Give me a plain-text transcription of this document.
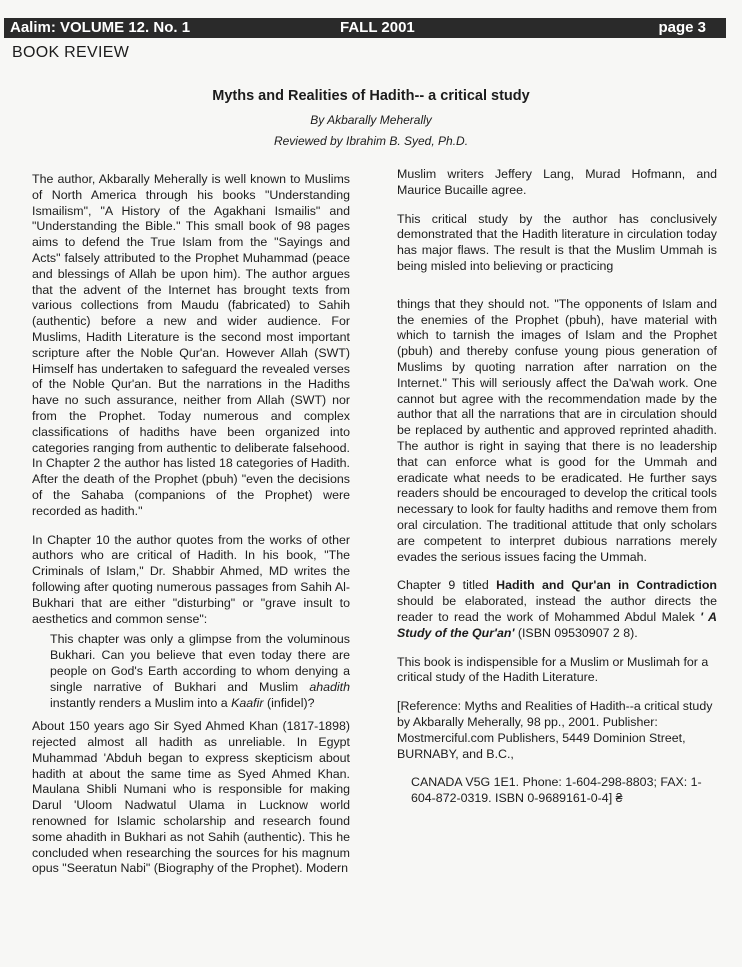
Aalim: VOLUME 12. No. 1	FALL 2001	page 3
BOOK REVIEW
Myths and Realities of Hadith-- a critical study
By Akbarally Meherally
Reviewed by Ibrahim B. Syed, Ph.D.

The author, Akbarally Meherally is well known to Muslims of North America through his books "Understanding Ismailism", "A History of the Agakhani Ismailis" and "Understanding the Bible." This small book of 98 pages aims to defend the True Islam from the "Sayings and Acts" falsely attributed to the Prophet Muhammad (peace and blessings of Allah be upon him). The author argues that the advent of the Internet has brought texts from various collections from Maudu (fabricated) to Sahih (authentic) before a new and wider audience. For Muslims, Hadith Literature is the second most important scripture after the Noble Qur'an. However Allah (SWT) Himself has undertaken to safeguard the revealed verses of the Noble Qur'an. But the narrations in the Hadiths have no such assurance, neither from Allah (SWT) nor from the Prophet. Today numerous and complex classifications of hadiths have been organized into categories ranging from authentic to deliberate falsehood. In Chapter 2 the author has listed 18 categories of Hadith. After the death of the Prophet (pbuh) "even the decisions of the Sahaba (companions of the Prophet) were recorded as hadith."

In Chapter 10 the author quotes from the works of other authors who are critical of Hadith. In his book, "The Criminals of Islam," Dr. Shabbir Ahmed, MD writes the following after quoting numerous passages from Sahih Al-Bukhari that are either "disturbing" or "grave insult to aesthetics and common sense":

This chapter was only a glimpse from the voluminous Bukhari. Can you believe that even today there are people on God's Earth according to whom denying a single narrative of Bukhari and Muslim ahadith instantly renders a Muslim into a Kaafir (infidel)?

About 150 years ago Sir Syed Ahmed Khan (1817-1898) rejected almost all hadith as unreliable. In Egypt Muhammad 'Abduh began to express skepticism about hadith at about the same time as Syed Ahmed Khan. Maulana Shibli Numani who is responsible for making Darul 'Uloom Nadwatul Ulama in Lucknow world renowned for Islamic scholarship and research found some ahadith in Bukhari as not Sahih (authentic). This he concluded when researching the sources for his magnum opus "Seeratun Nabi" (Biography of the Prophet). Modern

Muslim writers Jeffery Lang, Murad Hofmann, and Maurice Bucaille agree.

This critical study by the author has conclusively demonstrated that the Hadith literature in circulation today has major flaws. The result is that the Muslim Ummah is being misled into believing or practicing

things that they should not. "The opponents of Islam and the enemies of the Prophet (pbuh), have material with which to tarnish the images of Islam and the Prophet (pbuh) and thereby confuse young pious generation of Muslims by quoting narration after narration on the Internet." This will seriously affect the Da'wah work. One cannot but agree with the recommendation made by the author that all the narrations that are in circulation should be replaced by authentic and approved reprinted ahadith. The author is right in saying that there is no leadership that can enforce what is good for the Ummah and eradicate what needs to be eradicated. He further says readers should be encouraged to develop the critical tools necessary to look for faulty hadiths and remove them from oral circulation. The traditional attitude that only scholars are competent to interpret dubious narrations merely evades the serious issues facing the Ummah.

Chapter 9 titled Hadith and Qur'an in Contradiction should be elaborated, instead the author directs the reader to read the work of Mohammed Abdul Malek ' A Study of the Qur'an' (ISBN 09530907 2 8).

This book is indispensible for a Muslim or Muslimah for a critical study of the Hadith Literature.

[Reference: Myths and Realities of Hadith--a critical study by Akbarally Meherally, 98 pp., 2001. Publisher: Mostmerciful.com Publishers, 5449 Dominion Street, BURNABY, and B.C.,

CANADA V5G 1E1. Phone: 1-604-298-8803; FAX: 1-604-872-0319. ISBN 0-9689161-0-4] ₴
